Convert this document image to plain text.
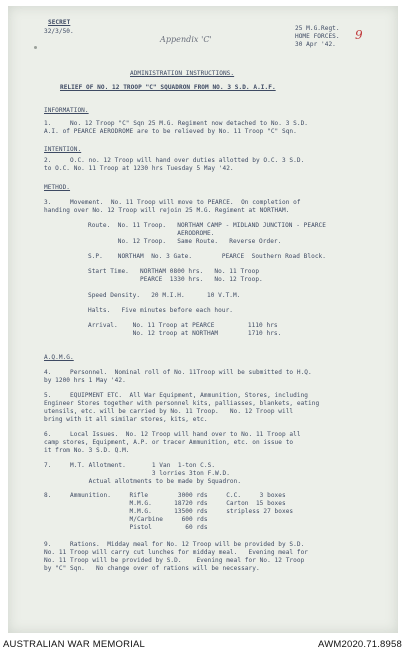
SECRET
32/3/50.
Appendix 'C'	9
25 M.G.Regt.
HOME FORCES.
30 Apr '42.
ADMINISTRATION INSTRUCTIONS.
RELIEF OF NO. 12 TROOP "C" SQUADRON FROM NO. 3 S.D. A.I.F.
INFORMATION.
1.     No. 12 Troop "C" Sqn 25 M.G. Regiment now detached to No. 3 S.D.
A.I. of PEARCE AERODROME are to be relieved by No. 11 Troop "C" Sqn.
INTENTION.
2.     O.C. no. 12 Troop will hand over duties allotted by O.C. 3 S.D.
to O.C. No. 11 Troop at 1230 hrs Tuesday 5 May '42.
METHOD.
3.     Movement.  No. 11 Troop will move to PEARCE.  On completion of
handing over No. 12 Troop will rejoin 25 M.G. Regiment at NORTHAM.
Route.  No. 11 Troop.   NORTHAM CAMP - MIDLAND JUNCTION - PEARCE
AERODROME.
No. 12 Troop.   Same Route.   Reverse Order.
S.P.    NORTHAM  No. 3 Gate.        PEARCE  Southern Road Block.
Start Time.   NORTHAM 0800 hrs.   No. 11 Troop
PEARCE  1330 hrs.   No. 12 Troop.
Speed Density.   20 M.I.H.      10 V.T.M.
Halts.   Five minutes before each hour.
Arrival.    No. 11 Troop at PEARCE         1110 hrs
No. 12 troop at NORTHAM        1710 hrs.
A.Q.M.G.
4.     Personnel.  Nominal roll of No. 11Troop will be submitted to H.Q.
by 1200 hrs 1 May '42.
5.     EQUIPMENT ETC.  All War Equipment, Ammunition, Stores, including
Engineer Stores together with personnel kits, palliasses, blankets, eating
utensils, etc. will be carried by No. 11 Troop.   No. 12 Troop will
bring with it all similar stores, kits, etc.
6.     Local Issues.  No. 12 Troop will hand over to No. 11 Troop all
camp stores, Equipment, A.P. or tracer Ammunition, etc. on issue to
it from No. 3 S.D. Q.M.
7.     M.T. Allotment.       1 Van  1-ton C.S.
3 lorries 3ton F.W.D.
Actual allotments to be made by Squadron.
8.     Ammunition.     Rifle        3000 rds     C.C.     3 boxes
M.M.G.      18720 rds     Carton  15 boxes
M.M.G.      13500 rds     stripless 27 boxes
M/Carbine     600 rds
Pistol         60 rds
9.     Rations.  Midday meal for No. 12 Troop will be provided by S.D.
No. 11 Troop will carry cut lunches for midday meal.   Evening meal for
No. 11 Troop will be provided by S.D.    Evening meal for No. 12 Troop
by "C" Sqn.   No change over of rations will be necessary.
AUSTRALIAN WAR MEMORIAL	AWM2020.71.8958
